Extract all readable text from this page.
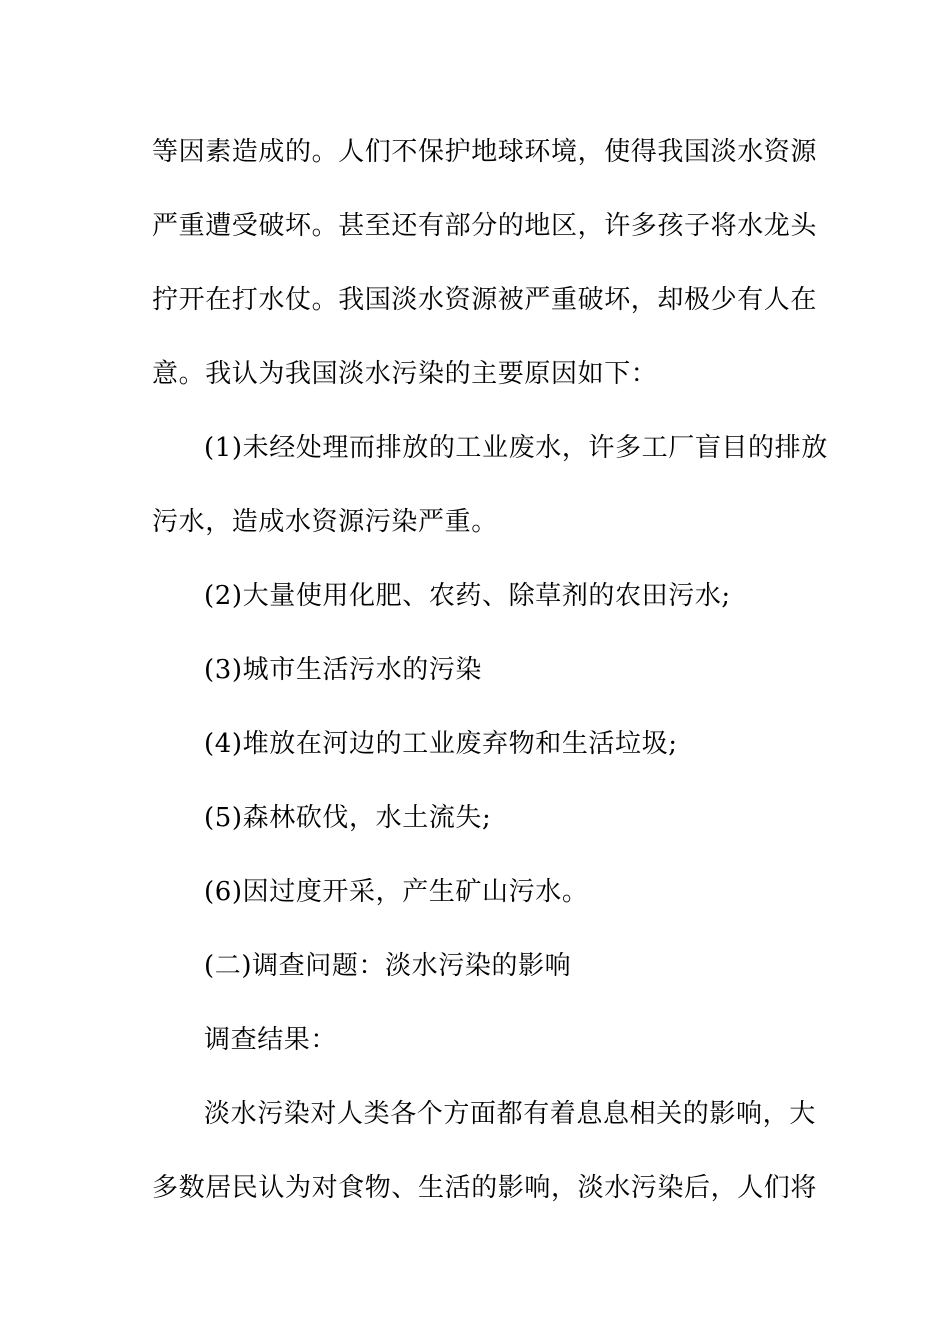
等因素造成的。人们不保护地球环境，使得我国淡水资源
严重遭受破坏。甚至还有部分的地区，许多孩子将水龙头
拧开在打水仗。我国淡水资源被严重破坏，却极少有人在
意。我认为我国淡水污染的主要原因如下：
(1)未经处理而排放的工业废水，许多工厂盲目的排放
污水，造成水资源污染严重。
(2)大量使用化肥、农药、除草剂的农田污水;
(3)城市生活污水的污染
(4)堆放在河边的工业废弃物和生活垃圾;
(5)森林砍伐，水土流失;
(6)因过度开采，产生矿山污水。
(二)调查问题：淡水污染的影响
调查结果：
淡水污染对人类各个方面都有着息息相关的影响，大
多数居民认为对食物、生活的影响，淡水污染后，人们将
